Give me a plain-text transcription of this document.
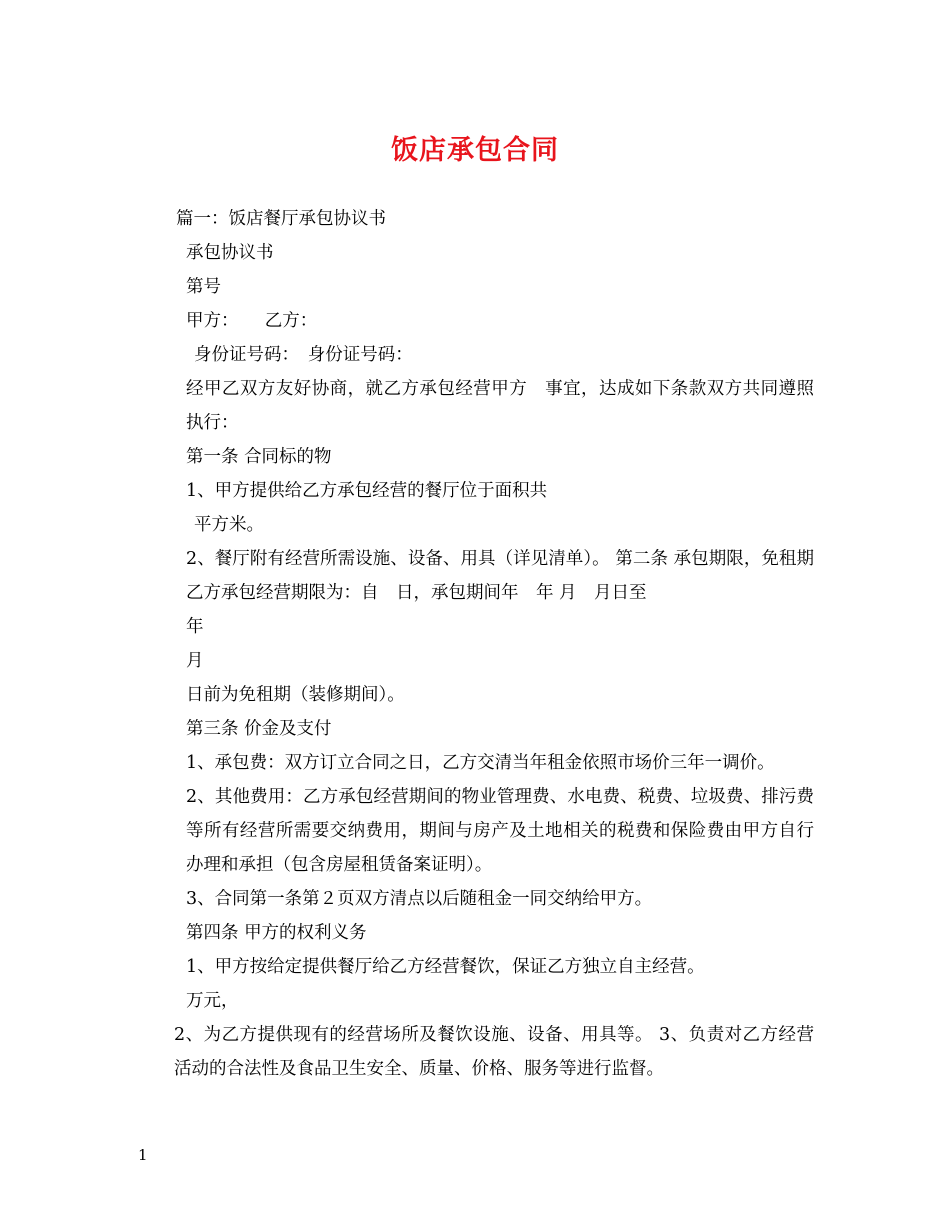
饭店承包合同

篇一：饭店餐厅承包协议书

承包协议书

第号

甲方：　　乙方：

身份证号码：　身份证号码：

经甲乙双方友好协商，就乙方承包经营甲方　事宜，达成如下条款双方共同遵照执行：

第一条 合同标的物

1、甲方提供给乙方承包经营的餐厅位于面积共

平方米。

2、餐厅附有经营所需设施、设备、用具（详见清单）。 第二条 承包期限，免租期 乙方承包经营期限为：自　日，承包期间年　年 月　月日至

年

月

日前为免租期（装修期间）。

第三条 价金及支付

1、承包费：双方订立合同之日，乙方交清当年租金依照市场价三年一调价。

2、其他费用：乙方承包经营期间的物业管理费、水电费、税费、垃圾费、排污费等所有经营所需要交纳费用，期间与房产及土地相关的税费和保险费由甲方自行办理和承担（包含房屋租赁备案证明）。

3、合同第一条第２页双方清点以后随租金一同交纳给甲方。

第四条 甲方的权利义务

1、甲方按给定提供餐厅给乙方经营餐饮，保证乙方独立自主经营。

万元，

2、为乙方提供现有的经营场所及餐饮设施、设备、用具等。 3、负责对乙方经营活动的合法性及食品卫生安全、质量、价格、服务等进行监督。

1
